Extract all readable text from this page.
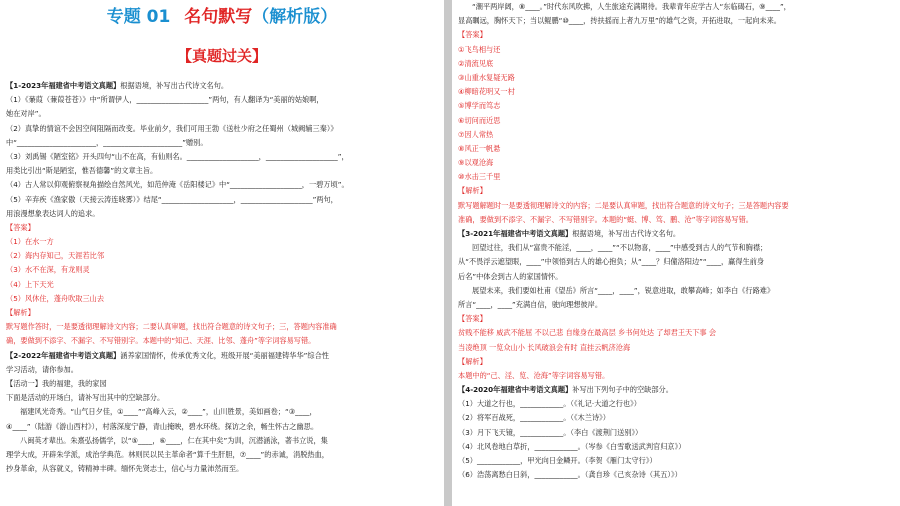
专题 01 名句默写（解析版）
【真题过关】
【1-2023年福建省中考语文真题】根据语境，补写出古代诗文名句。
（1）《蒹葭（蒹葭苍苍）》中“所谓伊人，____________________”两句，有人翻译为“美丽的姑娘啊，
她在对岸”。
（2）真挚的情谊不会因空间阻隔而改变。毕业前夕，我们可用王勃《送杜少府之任蜀州（城阙辅三秦）》
中“______________________，______________________”赠别。
（3）刘禹锡《陋室铭》开头四句“山不在高，有仙则名。____________________，____________________”，
用类比引出“斯是陋室，惟吾德馨”的文章主旨。
（4）古人常以仰观俯察视角描绘自然风光，如范仲淹《岳阳楼记》中“____________________，一碧万顷”。
（5）辛弃疾《渔家傲（天接云涛连晓雾）》结尾“____________________，____________________”两句，
用浪漫想象表达词人的追求。
【答案】
（1）在水一方
（2）海内存知己，天涯若比邻
（3）水不在深，有龙则灵
（4）上下天光
（5）风休住，蓬舟吹取三山去
【解析】
默写题作答时，一是要透彻理解诗文内容；二要认真审题，找出符合题意的诗文句子；三，答题内容准确
确，要做到不添字、不漏字、不写错别字。本题中的“知己、天涯、比邻、蓬舟”等字词容易写错。
【2-2022年福建省中考语文真题】涵养家国情怀，传承优秀文化，班级开展“美丽福建铸华华”综合性
学习活动，请你参加。
【活动一】我的福建，我的家园
下面是活动的开场白，请补写出其中的空缺部分。
福建风光奇秀。“山气日夕佳，①____”“高峰入云，②____”，山川胜景，美如画卷；“③____，
④____”（陆游《游山西村》），村落深度宁静，青山掩映，碧水环绕。探访之余，畅生怀古之幽思。
八闽英才辈出。朱熹弘扬儒学，以“⑤____，⑥____，仁在其中矣”为训，沉潜涵泳，著书立说，集
理学大成，开辟朱学派，成治学典范。林则民以民主革命者“算千生肝胆，⑦____”的赤诚，涓脱热血，
抄身革命，从容就义，铸精神丰碑。缅怀先贤志士，信心与力量沛然而至。
“潮平两岸阔，⑧____。”时代东风吹拂，人生旅途充满期待。我辈青年应学古人“东临碣石，⑨____”，
显高瞩远，胸怀天下；当以鲲鹏“⑩____，抟扶摇而上者九万里”的雄气之资，开拓进取，一起向未来。
【答案】
①飞鸟相与还
②清流见底
③山重水复疑无路
④柳暗花明又一村
⑤博学而笃志
⑥切问而近思
⑦因人常热
⑧风正一帆悬
⑨以观沧海
⑩水击三千里
【解析】
默写题解题时一是要透彻理解诗文的内容；二是要认真审题，找出符合题意的诗文句子；三是答题内容要
准确，要做到不添字、不漏字、不写错别字。本题的“蜓、博、笃、鹏、沧”等字词容易写错。
【3-2021年福建省中考语文真题】根据语境，补写出古代诗文名句。
回望过往，我们从“富贵不能淫，____，____”“不以物喜，____”中感受到古人的气节和胸襟；
从“不畏浮云遮望眼，____”中领悟到古人的雄心抱负；从“____？归僮洛阳边”“____，赢得生前身
后名”中体会到古人的家国情怀。
展望未来，我们要如杜甫《望岳》所言“____，____”，锐意进取，敢攀高峰；如李白《行路难》
所言“____，____”充满自信，驶向理想彼岸。
【答案】
贫贱不能移 威武不能屈 不以己悲 自缘身在最高层 乡书何处达 了却君王天下事 会
当凌绝顶 一览众山小 长风破浪会有时 直挂云帆济沧海
【解析】
本题中的“己、淫、览、沧海”等字词容易写错。
【4-2020年福建省中考语文真题】补写出下列句子中的空缺部分。
（1）大道之行也，____________。（《礼记·大道之行也》）
（2）将军百战死，____________。（《木兰诗》）
（3）月下飞天镜，____________。（李白《渡荆门送别》）
（4）北风卷地白草折，____________。（岑参《白雪歌送武判官归京》）
（5）____________，甲光向日金鳞开。（李贺《雁门太守行》）
（6）浩荡离愁白日斜，____________。（龚自珍《己亥杂诗（其五）》）
